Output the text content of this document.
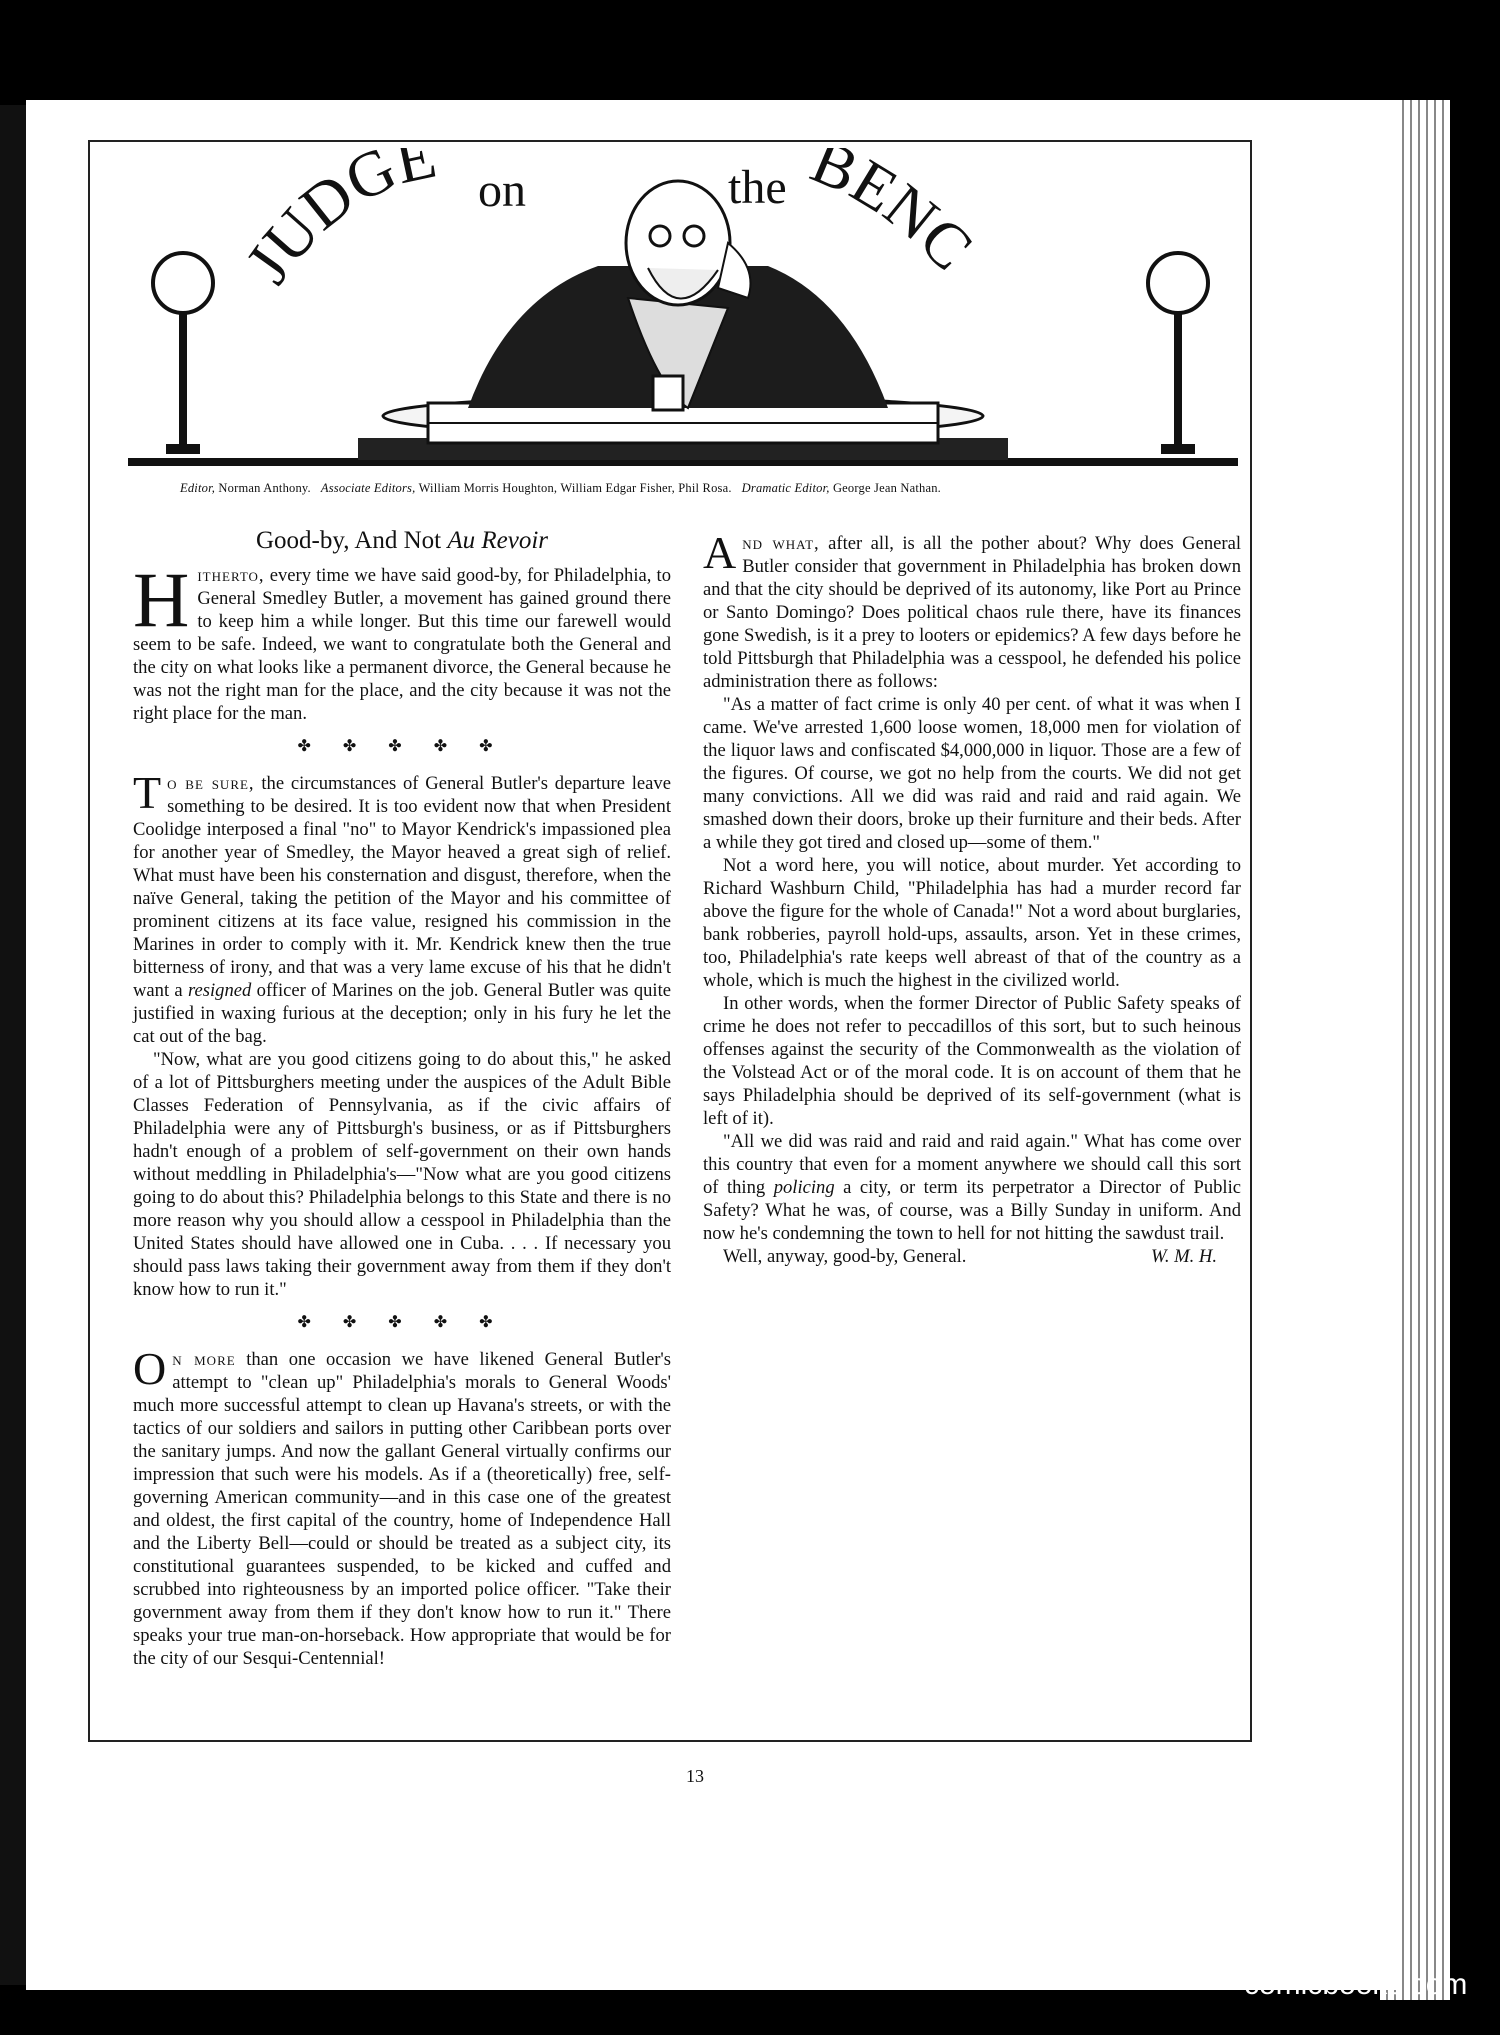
JUDGE on	the BENC
Editor, Norman Anthony. Associate Editors, William Morris Houghton, William Edgar Fisher, Phil Rosa. Dramatic Editor, George Jean Nathan.
Good-by, And Not Au Revoir

Hitherto, every time we have said good-by, for Philadelphia, to General Smedley Butler, a movement has gained ground there to keep him a while longer. But this time our farewell would seem to be safe. Indeed, we want to congratulate both the General and the city on what looks like a permanent divorce, the General because he was not the right man for the place, and the city because it was not the right place for the man.

✤ ✤ ✤ ✤ ✤

To be sure, the circumstances of General Butler's departure leave something to be desired. It is too evident now that when President Coolidge interposed a final "no" to Mayor Kendrick's impassioned plea for another year of Smedley, the Mayor heaved a great sigh of relief. What must have been his consternation and disgust, therefore, when the naïve General, taking the petition of the Mayor and his committee of prominent citizens at its face value, resigned his commission in the Marines in order to comply with it. Mr. Kendrick knew then the true bitterness of irony, and that was a very lame excuse of his that he didn't want a resigned officer of Marines on the job. General Butler was quite justified in waxing furious at the deception; only in his fury he let the cat out of the bag.

"Now, what are you good citizens going to do about this," he asked of a lot of Pittsburghers meeting under the auspices of the Adult Bible Classes Federation of Pennsylvania, as if the civic affairs of Philadelphia were any of Pittsburgh's business, or as if Pittsburghers hadn't enough of a problem of self-government on their own hands without meddling in Philadelphia's—"Now what are you good citizens going to do about this? Philadelphia belongs to this State and there is no more reason why you should allow a cesspool in Philadelphia than the United States should have allowed one in Cuba. . . . If necessary you should pass laws taking their government away from them if they don't know how to run it."

✤ ✤ ✤ ✤ ✤

On more than one occasion we have likened General Butler's attempt to "clean up" Philadelphia's morals to General Woods' much more successful attempt to clean up Havana's streets, or with the tactics of our soldiers and sailors in putting other Caribbean ports over the sanitary jumps. And now the gallant General virtually confirms our impression that such were his models. As if a (theoretically) free, self-governing American community—and in this case one of the greatest and oldest, the first capital of the country, home of Independence Hall and the Liberty Bell—could or should be treated as a subject city, its constitutional guarantees suspended, to be kicked and cuffed and scrubbed into righteousness by an imported police officer. "Take their government away from them if they don't know how to run it." There speaks your true man-on-horseback. How appropriate that would be for the city of our Sesqui-Centennial!

And what, after all, is all the pother about? Why does General Butler consider that government in Philadelphia has broken down and that the city should be deprived of its autonomy, like Port au Prince or Santo Domingo? Does political chaos rule there, have its finances gone Swedish, is it a prey to looters or epidemics? A few days before he told Pittsburgh that Philadelphia was a cesspool, he defended his police administration there as follows:

"As a matter of fact crime is only 40 per cent. of what it was when I came. We've arrested 1,600 loose women, 18,000 men for violation of the liquor laws and confiscated $4,000,000 in liquor. Those are a few of the figures. Of course, we got no help from the courts. We did not get many convictions. All we did was raid and raid and raid again. We smashed down their doors, broke up their furniture and their beds. After a while they got tired and closed up—some of them."

Not a word here, you will notice, about murder. Yet according to Richard Washburn Child, "Philadelphia has had a murder record far above the figure for the whole of Canada!" Not a word about burglaries, bank robberies, payroll hold-ups, assaults, arson. Yet in these crimes, too, Philadelphia's rate keeps well abreast of that of the country as a whole, which is much the highest in the civilized world.

In other words, when the former Director of Public Safety speaks of crime he does not refer to peccadillos of this sort, but to such heinous offenses against the security of the Commonwealth as the violation of the Volstead Act or of the moral code. It is on account of them that he says Philadelphia should be deprived of its self-government (what is left of it).

"All we did was raid and raid and raid again." What has come over this country that even for a moment anywhere we should call this sort of thing policing a city, or term its perpetrator a Director of Public Safety? What he was, of course, was a Billy Sunday in uniform. And now he's condemning the town to hell for not hitting the sawdust trail.

Well, anyway, good-by, General.	W. M. H.

13
comicbooks.com
